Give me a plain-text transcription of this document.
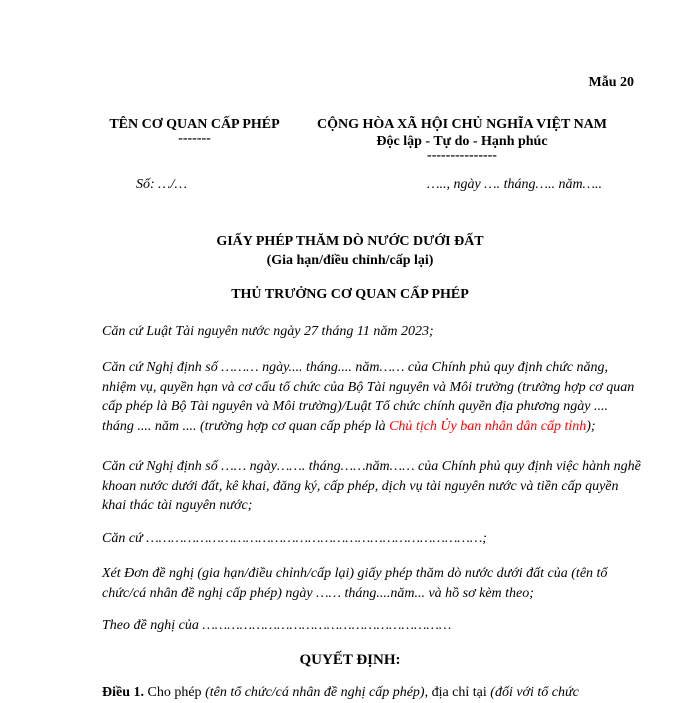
Mẫu 20
TÊN CƠ QUAN CẤP PHÉP
-------
CỘNG HÒA XÃ HỘI CHỦ NGHĨA VIỆT NAM
Độc lập - Tự do - Hạnh phúc
---------------
Số: …/…	….., ngày …. tháng….. năm…..
GIẤY PHÉP THĂM DÒ NƯỚC DƯỚI ĐẤT
(Gia hạn/điều chỉnh/cấp lại)
THỦ TRƯỞNG CƠ QUAN CẤP PHÉP
Căn cứ Luật Tài nguyên nước ngày 27 tháng 11 năm 2023;
Căn cứ Nghị định số ……… ngày.... tháng.... năm…… của Chính phủ quy định chức năng, nhiệm vụ, quyền hạn và cơ cấu tổ chức của Bộ Tài nguyên và Môi trường (trường hợp cơ quan cấp phép là Bộ Tài nguyên và Môi trường)/Luật Tổ chức chính quyền địa phương ngày .... tháng .... năm .... (trường hợp cơ quan cấp phép là Chủ tịch Ủy ban nhân dân cấp tỉnh);
Căn cứ Nghị định số …… ngày……. tháng……năm…… của Chính phủ quy định việc hành nghề khoan nước dưới đất, kê khai, đăng ký, cấp phép, dịch vụ tài nguyên nước và tiền cấp quyền khai thác tài nguyên nước;
Căn cứ ………………………………………………………………………;
Xét Đơn đề nghị (gia hạn/điều chỉnh/cấp lại) giấy phép thăm dò nước dưới đất của (tên tổ chức/cá nhân đề nghị cấp phép) ngày …… tháng....năm... và hồ sơ kèm theo;
Theo đề nghị của ……………………………………………………
QUYẾT ĐỊNH:
Điều 1. Cho phép (tên tổ chức/cá nhân đề nghị cấp phép), địa chỉ tại (đối với tổ chức
